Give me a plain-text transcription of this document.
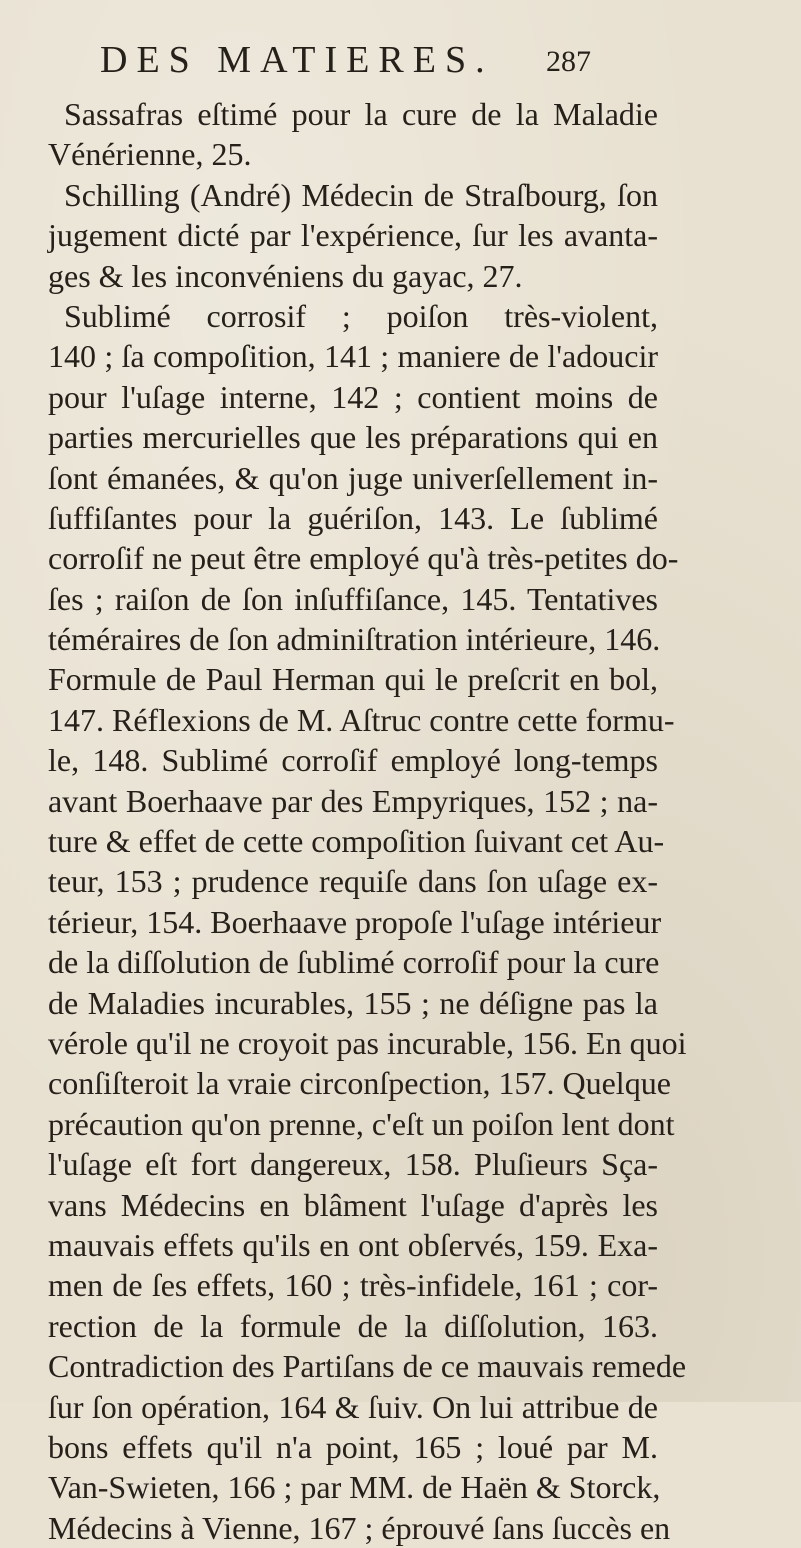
DES MATIERES. 287
Sassafras eſtimé pour la cure de la Maladie
Vénérienne, 25.
Schilling (André) Médecin de Straſbourg, ſon
jugement dicté par l'expérience, ſur les avanta-
ges & les inconvéniens du gayac, 27.
Sublimé corrosif ; poiſon très-violent,
140 ; ſa compoſition, 141 ; maniere de l'adoucir
pour l'uſage interne, 142 ; contient moins de
parties mercurielles que les préparations qui en
ſont émanées, & qu'on juge univerſellement in-
ſuffiſantes pour la guériſon, 143. Le ſublimé
corroſif ne peut être employé qu'à très-petites do-
ſes ; raiſon de ſon inſuffiſance, 145. Tentatives
téméraires de ſon adminiſtration intérieure, 146.
Formule de Paul Herman qui le preſcrit en bol,
147. Réflexions de M. Aſtruc contre cette formu-
le, 148. Sublimé corroſif employé long-temps
avant Boerhaave par des Empyriques, 152 ; na-
ture & effet de cette compoſition ſuivant cet Au-
teur, 153 ; prudence requiſe dans ſon uſage ex-
térieur, 154. Boerhaave propoſe l'uſage intérieur
de la diſſolution de ſublimé corroſif pour la cure
de Maladies incurables, 155 ; ne déſigne pas la
vérole qu'il ne croyoit pas incurable, 156. En quoi
conſiſteroit la vraie circonſpection, 157. Quelque
précaution qu'on prenne, c'eſt un poiſon lent dont
l'uſage eſt fort dangereux, 158. Pluſieurs Sça-
vans Médecins en blâment l'uſage d'après les
mauvais effets qu'ils en ont obſervés, 159. Exa-
men de ſes effets, 160 ; très-infidele, 161 ; cor-
rection de la formule de la diſſolution, 163.
Contradiction des Partiſans de ce mauvais remede
ſur ſon opération, 164 & ſuiv. On lui attribue de
bons effets qu'il n'a point, 165 ; loué par M.
Van-Swieten, 166 ; par MM. de Haën & Storck,
Médecins à Vienne, 167 ; éprouvé ſans ſuccès en
